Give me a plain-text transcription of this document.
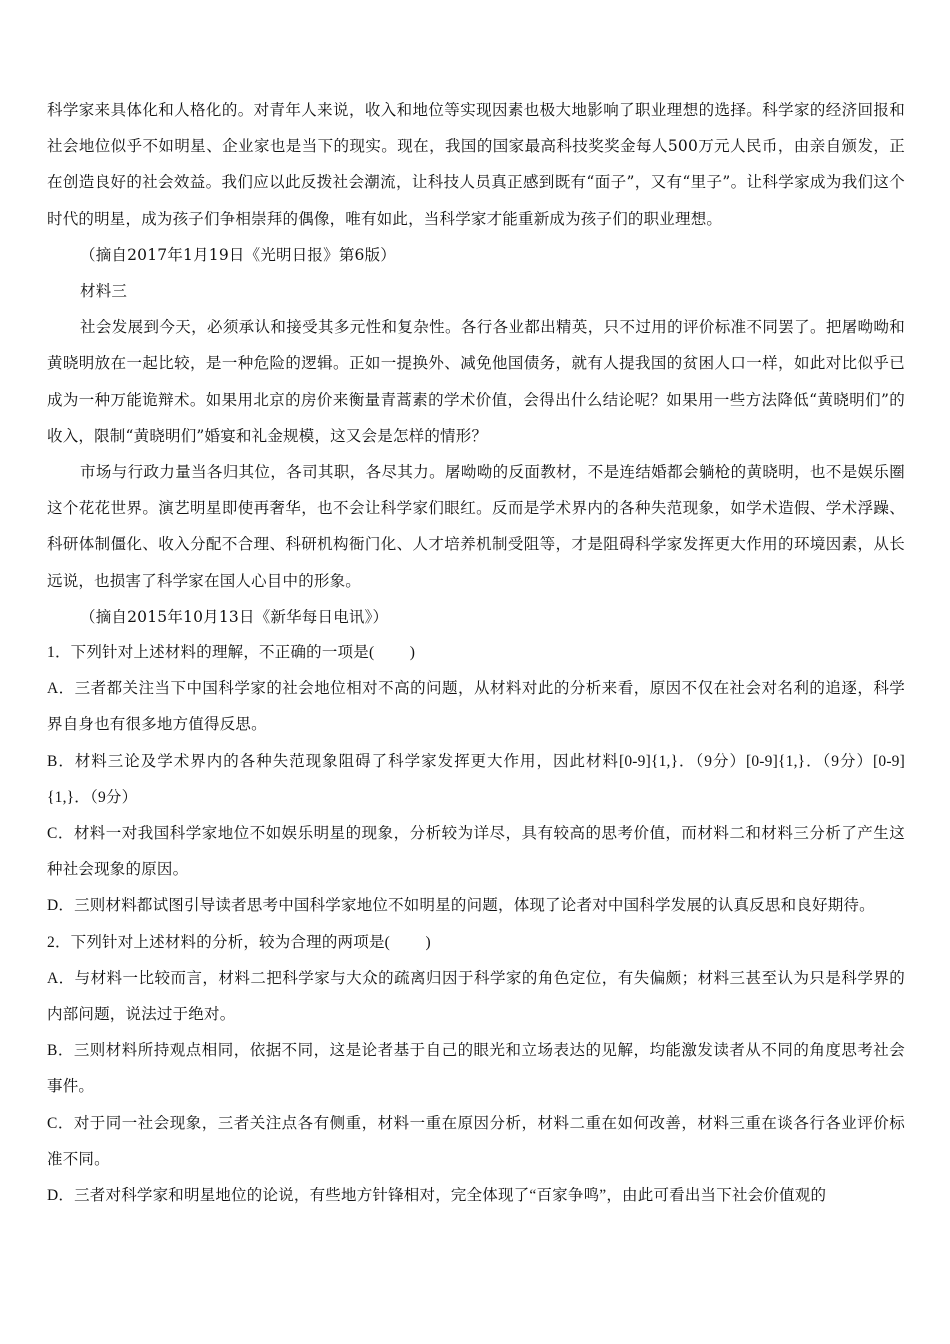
科学家来具体化和人格化的。对青年人来说，收入和地位等实现因素也极大地影响了职业理想的选择。科学家的经济回报和社会地位似乎不如明星、企业家也是当下的现实。现在，我国的国家最高科技奖奖金每人500万元人民币，由亲自颁发，正在创造良好的社会效益。我们应以此反拨社会潮流，让科技人员真正感到既有“面子”，又有“里子”。让科学家成为我们这个时代的明星，成为孩子们争相崇拜的偶像，唯有如此，当科学家才能重新成为孩子们的职业理想。

（摘自2017年1月19日《光明日报》第6版）

材料三

社会发展到今天，必须承认和接受其多元性和复杂性。各行各业都出精英，只不过用的评价标准不同罢了。把屠呦呦和黄晓明放在一起比较，是一种危险的逻辑。正如一提换外、减免他国债务，就有人提我国的贫困人口一样，如此对比似乎已成为一种万能诡辩术。如果用北京的房价来衡量青蒿素的学术价值，会得出什么结论呢？如果用一些方法降低“黄晓明们”的收入，限制“黄晓明们”婚宴和礼金规模，这又会是怎样的情形？

市场与行政力量当各归其位，各司其职，各尽其力。屠呦呦的反面教材，不是连结婚都会躺枪的黄晓明，也不是娱乐圈这个花花世界。演艺明星即使再奢华，也不会让科学家们眼红。反而是学术界内的各种失范现象，如学术造假、学术浮躁、科研体制僵化、收入分配不合理、科研机构衙门化、人才培养机制受阻等，才是阻碍科学家发挥更大作用的环境因素，从长远说，也损害了科学家在国人心目中的形象。

（摘自2015年10月13日《新华每日电讯》）

1．下列针对上述材料的理解，不正确的一项是(　　 )

A．三者都关注当下中国科学家的社会地位相对不高的问题，从材料对此的分析来看，原因不仅在社会对名利的追逐，科学界自身也有很多地方值得反思。

B．材料三论及学术界内的各种失范现象阻碍了科学家发挥更大作用，因此材料[0-9]{1,}．（9分）[0-9]{1,}．（9分）[0-9]{1,}．（9分）

C．材料一对我国科学家地位不如娱乐明星的现象，分析较为详尽，具有较高的思考价值，而材料二和材料三分析了产生这种社会现象的原因。

D．三则材料都试图引导读者思考中国科学家地位不如明星的问题，体现了论者对中国科学发展的认真反思和良好期待。

2．下列针对上述材料的分析，较为合理的两项是(　　 )

A．与材料一比较而言，材料二把科学家与大众的疏离归因于科学家的角色定位，有失偏颇；材料三甚至认为只是科学界的内部问题，说法过于绝对。

B．三则材料所持观点相同，依据不同，这是论者基于自己的眼光和立场表达的见解，均能激发读者从不同的角度思考社会事件。

C．对于同一社会现象，三者关注点各有侧重，材料一重在原因分析，材料二重在如何改善，材料三重在谈各行各业评价标准不同。

D．三者对科学家和明星地位的论说，有些地方针锋相对，完全体现了“百家争鸣”，由此可看出当下社会价值观的
